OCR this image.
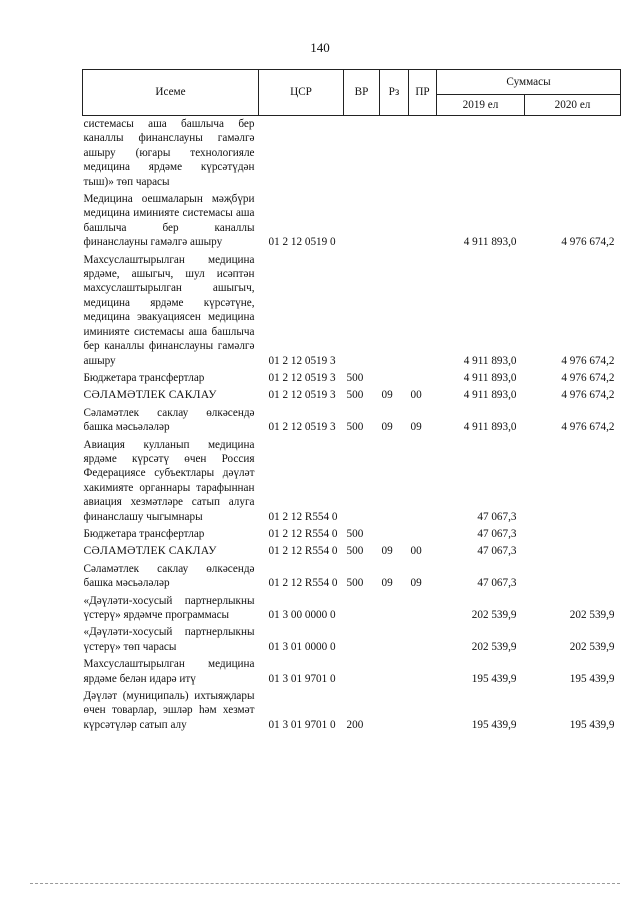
140
Исеме	ЦСР	ВР	Рз	ПР	Суммасы	
					2019 ел	2020 ел
системасы аша башлыча бер каналлы финанслауны гамәлгә ашыру (югары технологияле медицина ярдәме күрсәтүдән тыш)» төп чарасы						
Медицина оешмаларын мәҗбүри медицина иминияте системасы аша башлыча бер каналлы финанслауны гамәлгә ашыру	01 2 12 0519 0				4 911 893,0	4 976 674,2
Махсуслаштырылган медицина ярдәме, ашыгыч, шул исәптән махсуслаштырылган ашыгыч, медицина ярдәме күрсәтүне, медицина эвакуациясен медицина иминияте системасы аша башлыча бер каналлы финанслауны гамәлгә ашыру	01 2 12 0519 3				4 911 893,0	4 976 674,2
Бюджетара трансфертлар	01 2 12 0519 3	500			4 911 893,0	4 976 674,2
СӘЛАМӘТЛЕК САКЛАУ	01 2 12 0519 3	500	09	00	4 911 893,0	4 976 674,2
Сәламәтлек саклау өлкәсендә башка мәсьәләләр	01 2 12 0519 3	500	09	09	4 911 893,0	4 976 674,2
Авиация кулланып медицина ярдәме күрсәтү өчен Россия Федерациясе субъектлары дәүләт хакимияте органнары тарафыннан авиация хезмәтләре сатып алуга финанслашу чыгымнары	01 2 12 R554 0				47 067,3	
Бюджетара трансфертлар	01 2 12 R554 0	500			47 067,3	
СӘЛАМӘТЛЕК САКЛАУ	01 2 12 R554 0	500	09	00	47 067,3	
Сәламәтлек саклау өлкәсендә башка мәсьәләләр	01 2 12 R554 0	500	09	09	47 067,3	
«Дәүләти-хосусый партнерлыкны үстерү» ярдәмче программасы	01 3 00 0000 0				202 539,9	202 539,9
«Дәүләти-хосусый партнерлыкны үстерү» төп чарасы	01 3 01 0000 0				202 539,9	202 539,9
Махсуслаштырылган медицина ярдәме белән идарә итү	01 3 01 9701 0				195 439,9	195 439,9
Дәүләт (муниципаль) ихтыяҗлары өчен товарлар, эшләр һәм хезмәт күрсәтүләр сатып алу	01 3 01 9701 0	200			195 439,9	195 439,9
